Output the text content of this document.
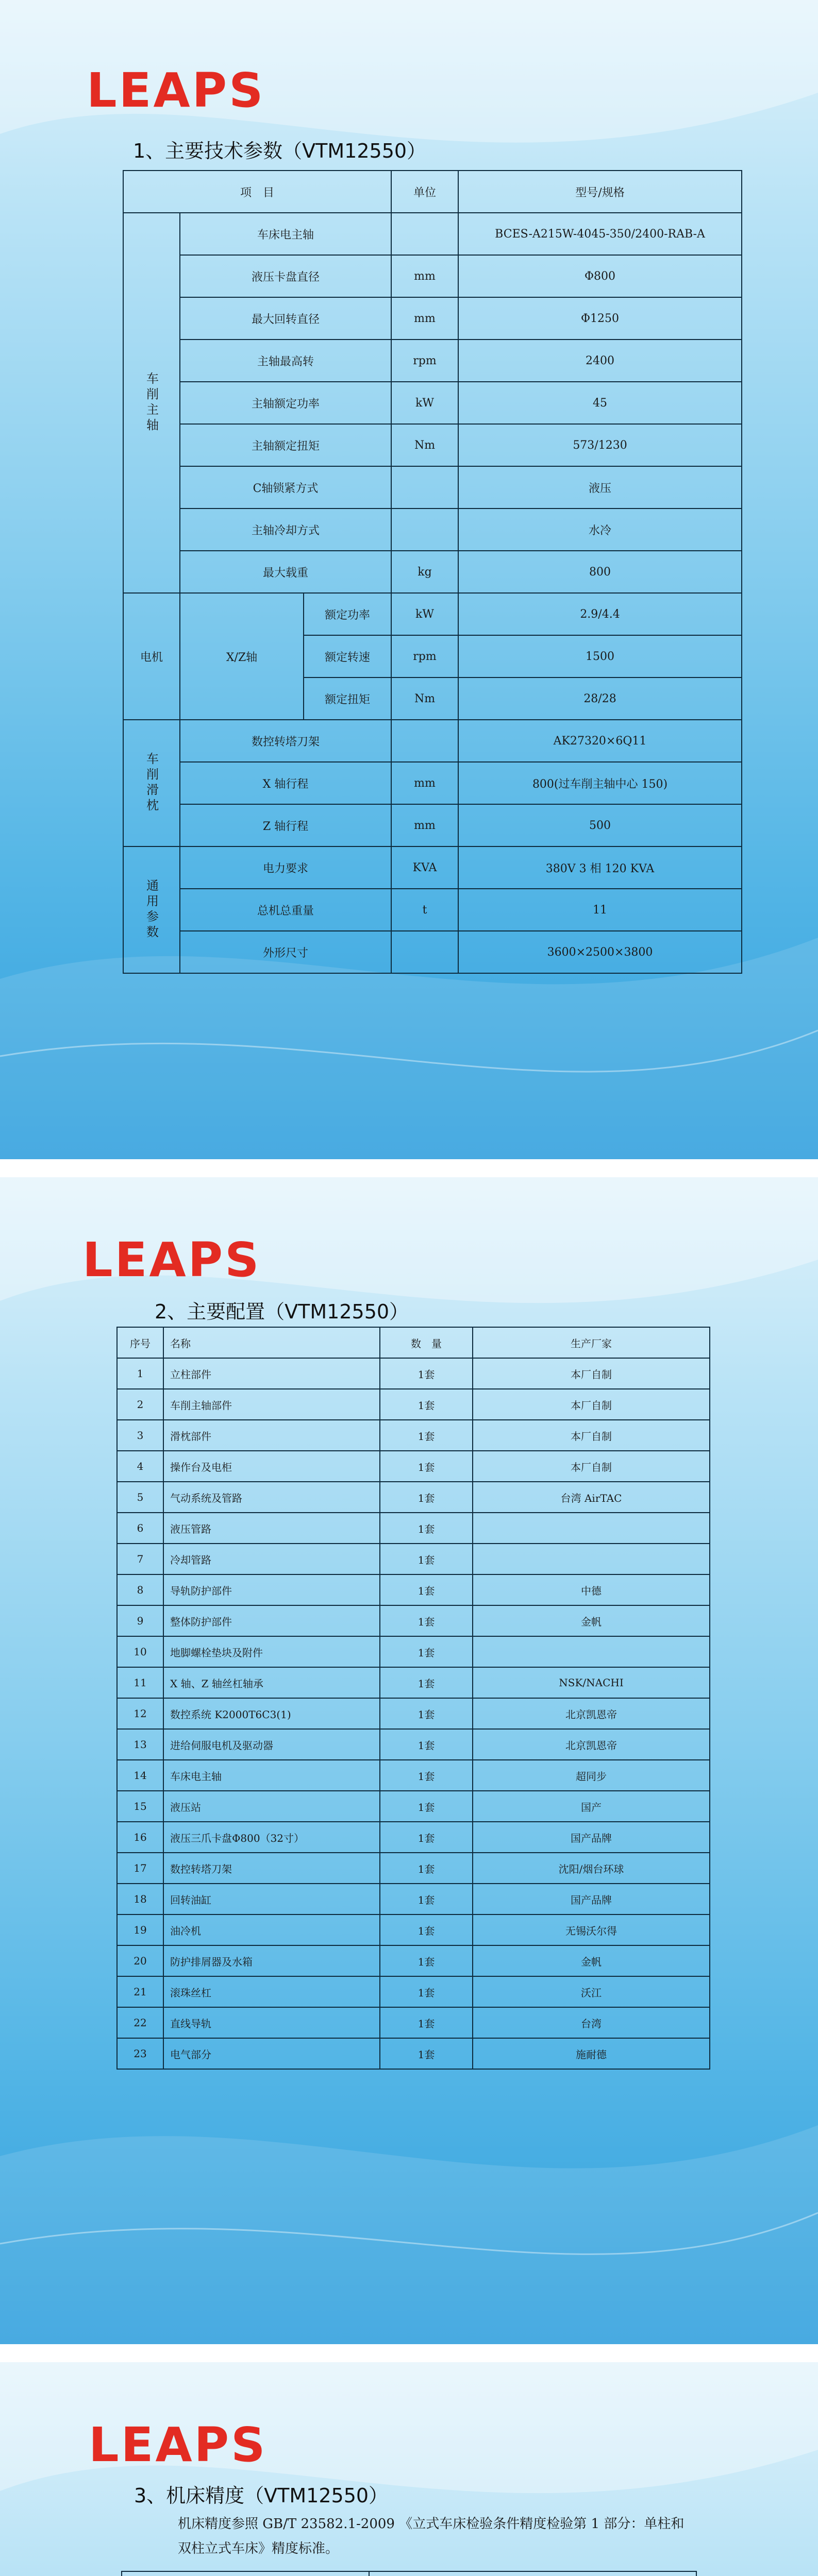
LEAPS
1、主要技术参数（VTM12550）
项　目			单位	型号/规格
车削主轴	车床电主轴			BCES-A215W-4045-350/2400-RAB-A
	液压卡盘直径		mm	Φ800
	最大回转直径		mm	Φ1250
	主轴最高转		rpm	2400
	主轴额定功率		kW	45
	主轴额定扭矩		Nm	573/1230
	C轴锁紧方式			液压
	主轴冷却方式			水冷
	最大载重		kg	800
电机	X/Z轴	额定功率	kW	2.9/4.4
		额定转速	rpm	1500
		额定扭矩	Nm	28/28
车削滑枕	数控转塔刀架			AK27320×6Q11
	X 轴行程		mm	800(过车削主轴中心 150)
	Z 轴行程		mm	500
通用参数	电力要求		KVA	380V 3 相 120 KVA
	总机总重量		t	11
	外形尺寸			3600×2500×3800
LEAPS
2、主要配置（VTM12550）
序号	名称	数　量	生产厂家
1	立柱部件	1套	本厂自制
2	车削主轴部件	1套	本厂自制
3	滑枕部件	1套	本厂自制
4	操作台及电柜	1套	本厂自制
5	气动系统及管路	1套	台湾 AirTAC
6	液压管路	1套	
7	冷却管路	1套	
8	导轨防护部件	1套	中德
9	整体防护部件	1套	金帆
10	地脚螺栓垫块及附件	1套	
11	X 轴、Z 轴丝杠轴承	1套	NSK/NACHI
12	数控系统 K2000T6C3(1)	1套	北京凯恩帝
13	进给伺服电机及驱动器	1套	北京凯恩帝
14	车床电主轴	1套	超同步
15	液压站	1套	国产
16	液压三爪卡盘Φ800（32寸）	1套	国产品牌
17	数控转塔刀架	1套	沈阳/烟台环球
18	回转油缸	1套	国产品牌
19	油冷机	1套	无锡沃尔得
20	防护排屑器及水箱	1套	金帆
21	滚珠丝杠	1套	沃江
22	直线导轨	1套	台湾
23	电气部分	1套	施耐德
LEAPS
3、机床精度（VTM12550）
机床精度参照 GB/T 23582.1-2009 《立式车床检验条件精度检验第 1 部分：单柱和双柱立式车床》精度标准。
